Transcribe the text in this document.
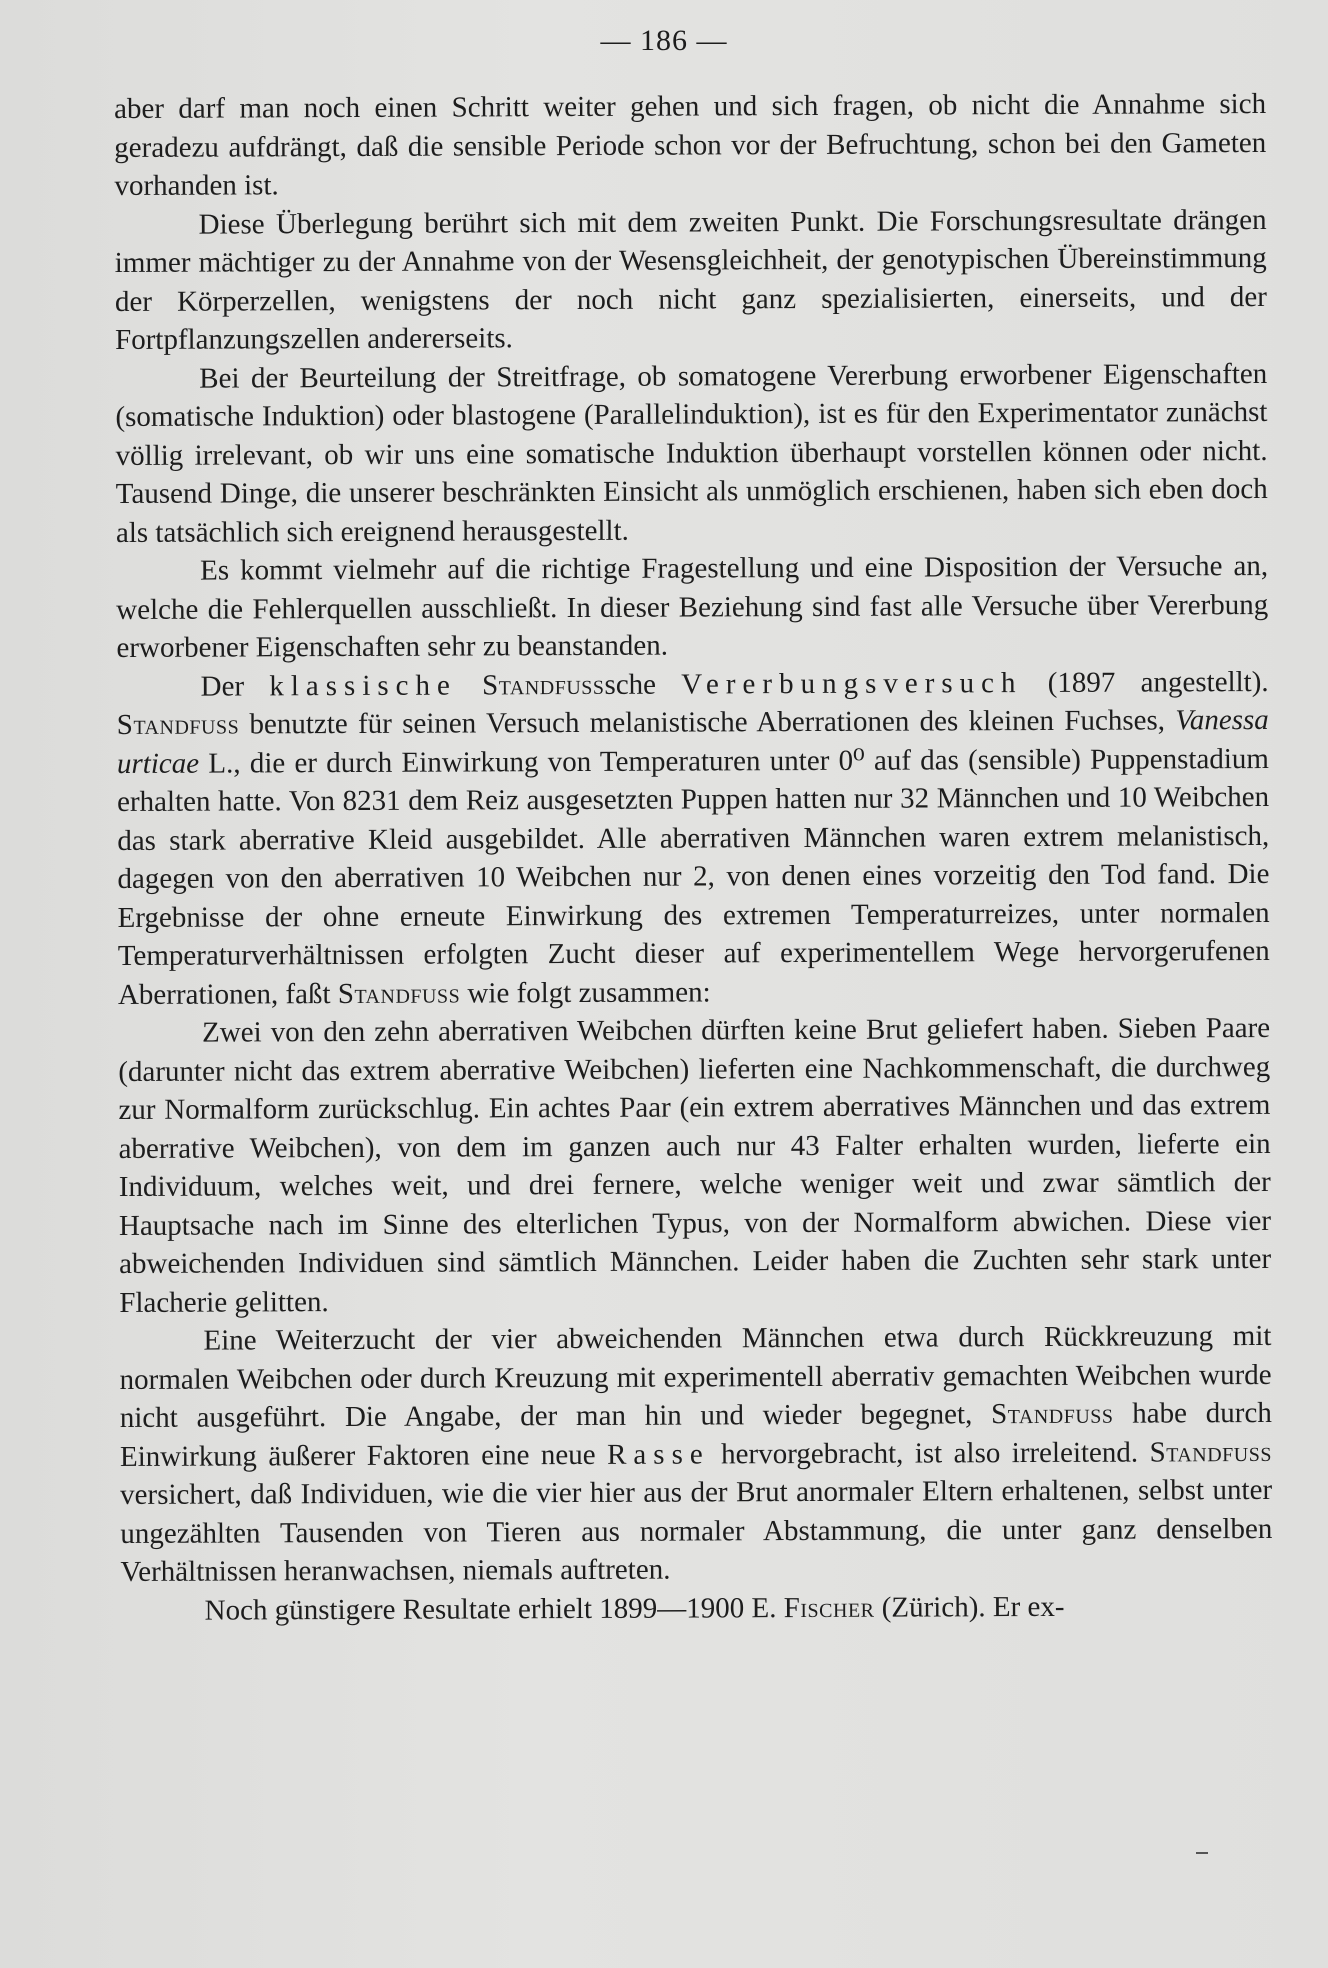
— 186 —

aber darf man noch einen Schritt weiter gehen und sich fragen, ob nicht die Annahme sich geradezu aufdrängt, daß die sensible Periode schon vor der Befruchtung, schon bei den Gameten vorhanden ist.

Diese Überlegung berührt sich mit dem zweiten Punkt. Die Forschungsresultate drängen immer mächtiger zu der Annahme von der Wesensgleichheit, der genotypischen Übereinstimmung der Körperzellen, wenigstens der noch nicht ganz spezialisierten, einerseits, und der Fortpflanzungszellen andererseits.

Bei der Beurteilung der Streitfrage, ob somatogene Vererbung erworbener Eigenschaften (somatische Induktion) oder blastogene (Parallelinduktion), ist es für den Experimentator zunächst völlig irrelevant, ob wir uns eine somatische Induktion überhaupt vorstellen können oder nicht. Tausend Dinge, die unserer beschränkten Einsicht als unmöglich erschienen, haben sich eben doch als tatsächlich sich ereignend herausgestellt.

Es kommt vielmehr auf die richtige Fragestellung und eine Disposition der Versuche an, welche die Fehlerquellen ausschließt. In dieser Beziehung sind fast alle Versuche über Vererbung erworbener Eigenschaften sehr zu beanstanden.

Der klassische Standfusssche Vererbungsversuch (1897 angestellt). Standfuss benutzte für seinen Versuch melanistische Aberrationen des kleinen Fuchses, Vanessa urticae L., die er durch Einwirkung von Temperaturen unter 0⁰ auf das (sensible) Puppenstadium erhalten hatte. Von 8231 dem Reiz ausgesetzten Puppen hatten nur 32 Männchen und 10 Weibchen das stark aberrative Kleid ausgebildet. Alle aberrativen Männchen waren extrem melanistisch, dagegen von den aberrativen 10 Weibchen nur 2, von denen eines vorzeitig den Tod fand. Die Ergebnisse der ohne erneute Einwirkung des extremen Temperaturreizes, unter normalen Temperaturverhältnissen erfolgten Zucht dieser auf experimentellem Wege hervorgerufenen Aberrationen, faßt Standfuss wie folgt zusammen:

Zwei von den zehn aberrativen Weibchen dürften keine Brut geliefert haben. Sieben Paare (darunter nicht das extrem aberrative Weibchen) lieferten eine Nachkommenschaft, die durchweg zur Normalform zurückschlug. Ein achtes Paar (ein extrem aberratives Männchen und das extrem aberrative Weibchen), von dem im ganzen auch nur 43 Falter erhalten wurden, lieferte ein Individuum, welches weit, und drei fernere, welche weniger weit und zwar sämtlich der Hauptsache nach im Sinne des elterlichen Typus, von der Normalform abwichen. Diese vier abweichenden Individuen sind sämtlich Männchen. Leider haben die Zuchten sehr stark unter Flacherie gelitten.

Eine Weiterzucht der vier abweichenden Männchen etwa durch Rückkreuzung mit normalen Weibchen oder durch Kreuzung mit experimentell aberrativ gemachten Weibchen wurde nicht ausgeführt. Die Angabe, der man hin und wieder begegnet, Standfuss habe durch Einwirkung äußerer Faktoren eine neue Rasse hervorgebracht, ist also irreleitend. Standfuss versichert, daß Individuen, wie die vier hier aus der Brut anormaler Eltern erhaltenen, selbst unter ungezählten Tausenden von Tieren aus normaler Abstammung, die unter ganz denselben Verhältnissen heranwachsen, niemals auftreten.

Noch günstigere Resultate erhielt 1899—1900 E. Fischer (Zürich). Er ex-
